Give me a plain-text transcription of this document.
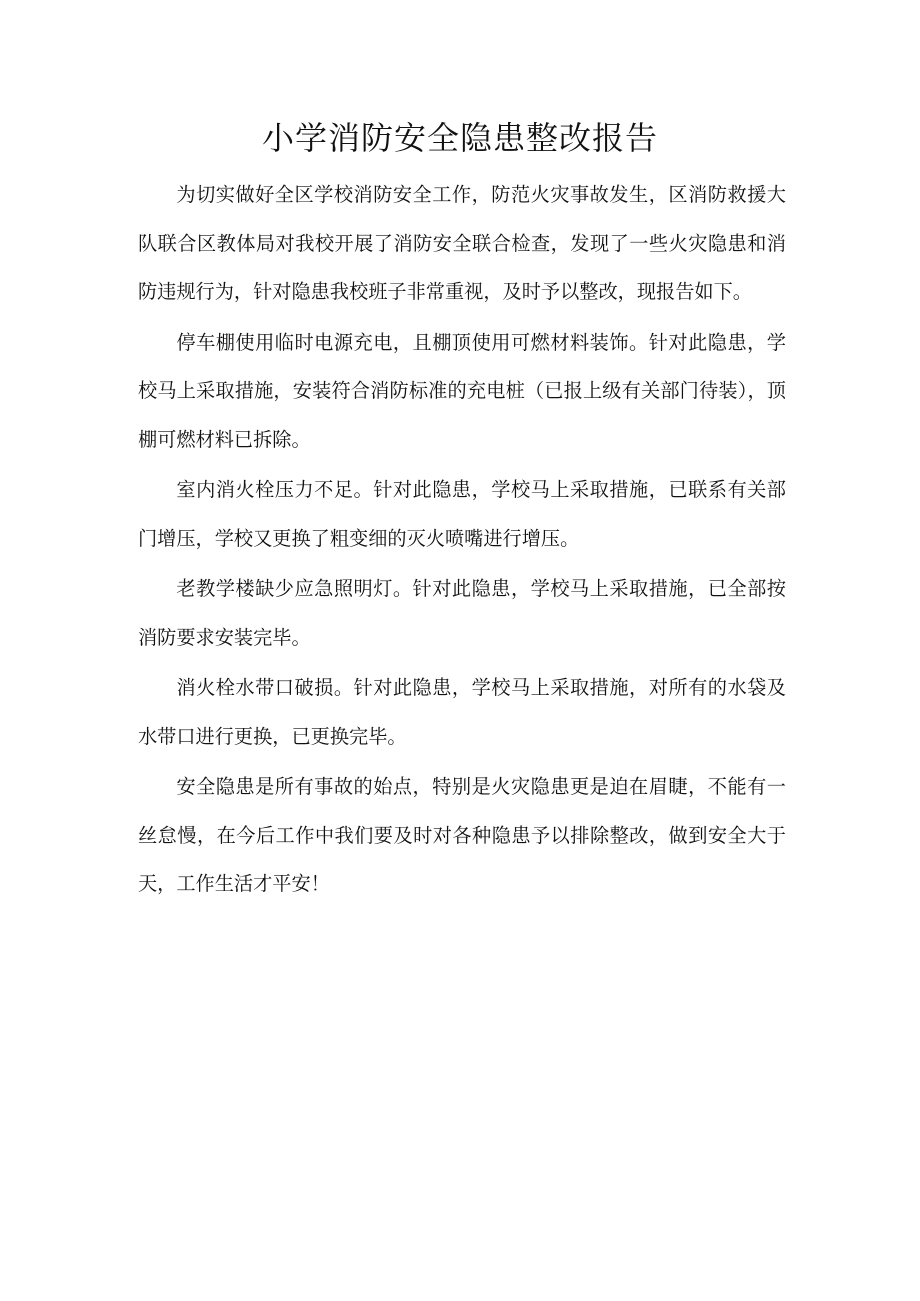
小学消防安全隐患整改报告

为切实做好全区学校消防安全工作，防范火灾事故发生，区消防救援大队联合区教体局对我校开展了消防安全联合检查，发现了一些火灾隐患和消防违规行为，针对隐患我校班子非常重视，及时予以整改，现报告如下。

停车棚使用临时电源充电，且棚顶使用可燃材料装饰。针对此隐患，学校马上采取措施，安装符合消防标准的充电桩（已报上级有关部门待装），顶棚可燃材料已拆除。

室内消火栓压力不足。针对此隐患，学校马上采取措施，已联系有关部门增压，学校又更换了粗变细的灭火喷嘴进行增压。

老教学楼缺少应急照明灯。针对此隐患，学校马上采取措施，已全部按消防要求安装完毕。

消火栓水带口破损。针对此隐患，学校马上采取措施，对所有的水袋及水带口进行更换，已更换完毕。

安全隐患是所有事故的始点，特别是火灾隐患更是迫在眉睫，不能有一丝怠慢，在今后工作中我们要及时对各种隐患予以排除整改，做到安全大于天，工作生活才平安！
